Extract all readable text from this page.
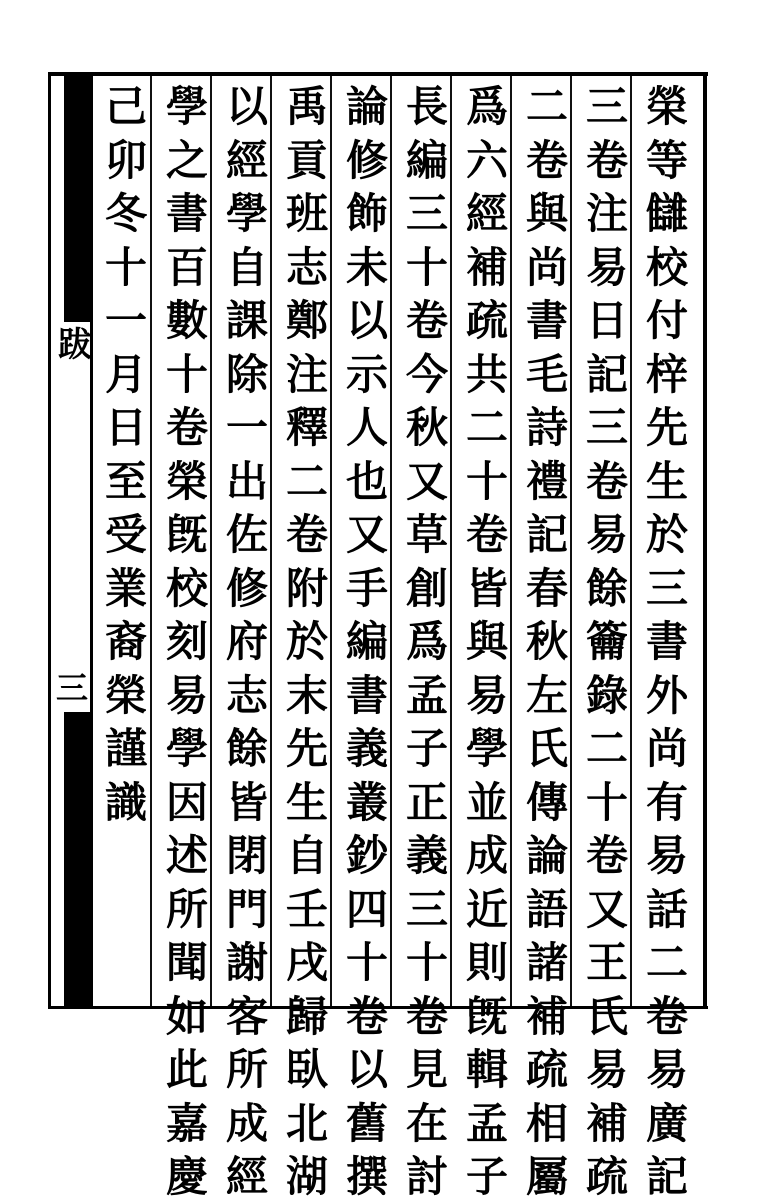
跋
三
榮
等
讎
校
付
梓
先
生
於
三
書
外
尚
有
易
話
二
卷
易
廣
記
三
卷
注
易
日
記
三
卷
易
餘
籥
錄
二
十
卷
又
王
氏
易
補
疏
二
卷
與
尚
書
毛
詩
禮
記
春
秋
左
氏
傳
論
語
諸
補
疏
相
屬
爲
六
經
補
疏
共
二
十
卷
皆
與
易
學
並
成
近
則
旣
輯
孟
子
長
編
三
十
卷
今
秋
又
草
創
爲
孟
子
正
義
三
十
卷
見
在
討
論
修
飾
未
以
示
人
也
又
手
編
書
義
叢
鈔
四
十
卷
以
舊
撰
禹
貢
班
志
鄭
注
釋
二
卷
附
於
末
先
生
自
壬
戌
歸
臥
北
湖
以
經
學
自
課
除
一
出
佐
修
府
志
餘
皆
閉
門
謝
客
所
成
經
學
之
書
百
數
十
卷
榮
旣
校
刻
易
學
因
述
所
聞
如
此
嘉
慶
己
卯
冬
十
一
月
日
至
受
業
裔
榮
謹
識
